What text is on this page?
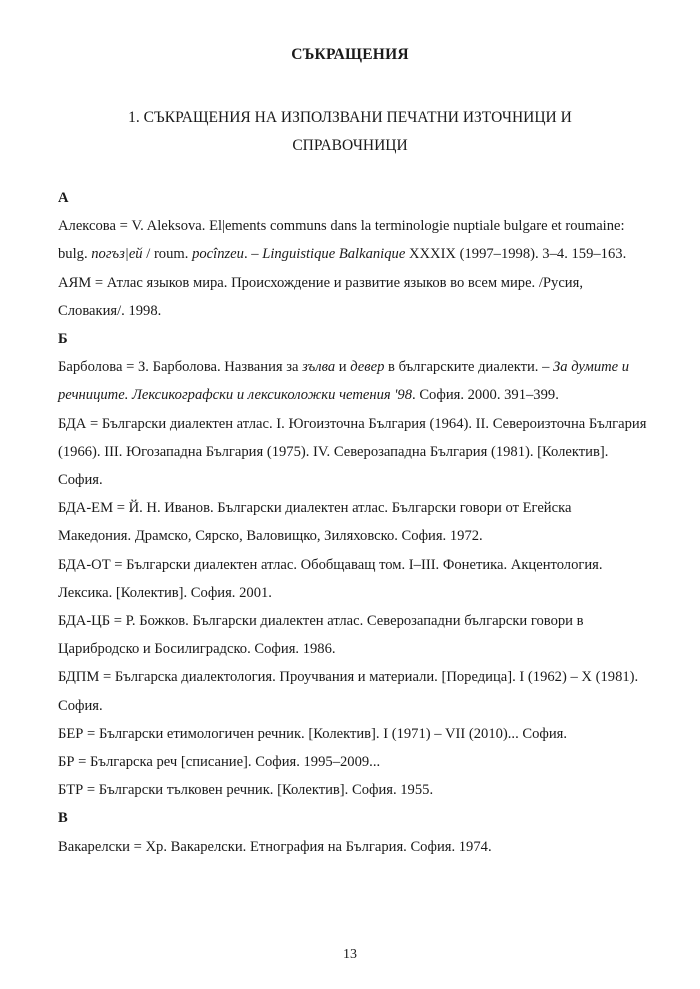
СЪКРАЩЕНИЯ
1. СЪКРАЩЕНИЯ НА ИЗПОЛЗВАНИ ПЕЧАТНИ ИЗТОЧНИЦИ И
СПРАВОЧНИЦИ
А

Алексова = V. Aleksova. El|ements communs dans la terminologie nuptiale bulgare et roumaine: bulg. погъз|ей / roum. pocînzeu. – Linguistique Balkanique XXXIX (1997–1998). 3–4. 159–163.

АЯМ = Атлас языков мира. Происхождение и развитие языков во всем мире. /Русия, Словакия/. 1998.

Б

Барболова = З. Барболова. Названия за зълва и девер в българските диалекти. – За думите и речниците. Лексикографски и лексиколожки четения '98. София. 2000. 391–399.

БДА = Български диалектен атлас. I. Югоизточна България (1964). II. Североизточна България (1966). III. Югозападна България (1975). IV. Северозападна България (1981). [Колектив]. София.

БДА-ЕМ = Й. Н. Иванов. Български диалектен атлас. Български говори от Егейска Македония. Драмско, Сярско, Валовищко, Зиляховско. София. 1972.

БДА-ОТ = Български диалектен атлас. Обобщаващ том. I–III. Фонетика. Акцентология. Лексика. [Колектив]. София. 2001.

БДА-ЦБ = Р. Божков. Български диалектен атлас. Северозападни български говори в Царибродско и Босилиградско. София. 1986.

БДПМ = Българска диалектология. Проучвания и материали. [Поредица]. I (1962) – X (1981). София.

БЕР = Български етимологичен речник. [Колектив]. I (1971) – VII (2010)... София.

БР = Българска реч [списание]. София. 1995–2009...

БТР = Български тълковен речник. [Колектив]. София. 1955.

В

Вакарелски = Хр. Вакарелски. Етнография на България. София. 1974.

13
